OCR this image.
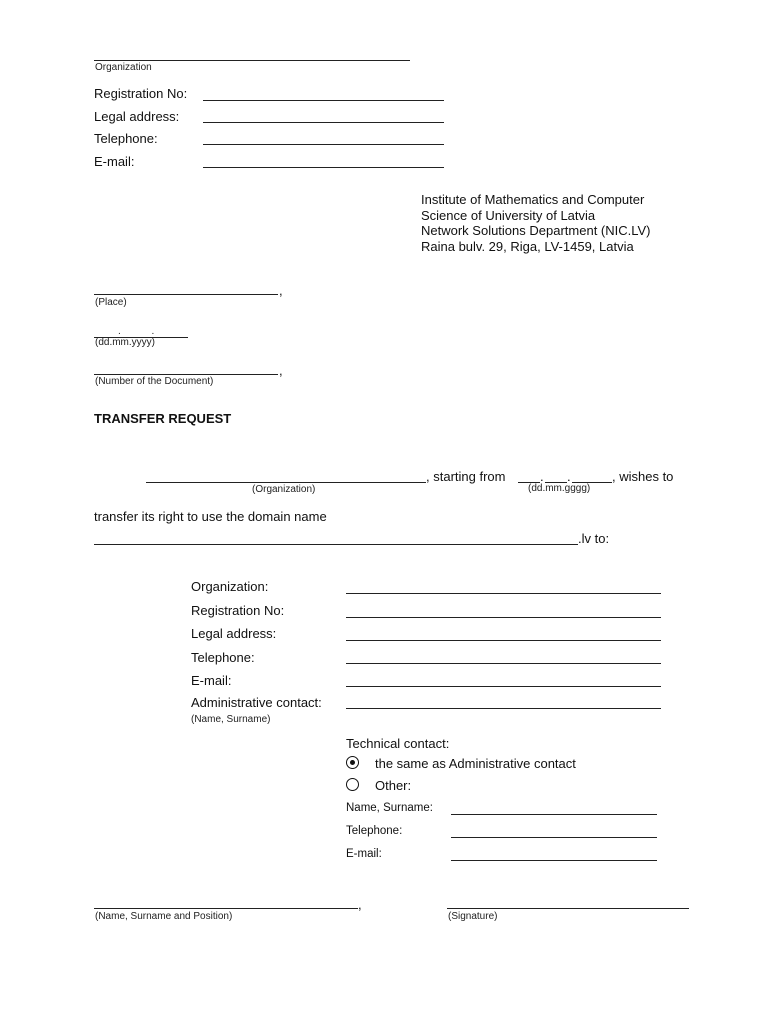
Organization
Registration No:
Legal address:
Telephone:
E-mail:
Institute of Mathematics and Computer
Science of University of Latvia
Network Solutions Department (NIC.LV)
Raina bulv. 29, Riga, LV-1459, Latvia
,
(Place)
. .
(dd.mm.yyyy)
,
(Number of the Document)
TRANSFER REQUEST
, starting from	. .	, wishes to
(Organization)	(dd.mm.gggg)
transfer its right to use the domain name
.lv to:
Organization:
Registration No:
Legal address:
Telephone:
E-mail:
Administrative contact:
(Name, Surname)
Technical contact:
the same as Administrative contact
Other:
Name, Surname:
Telephone:
E-mail:
,
(Name, Surname and Position)	(Signature)
